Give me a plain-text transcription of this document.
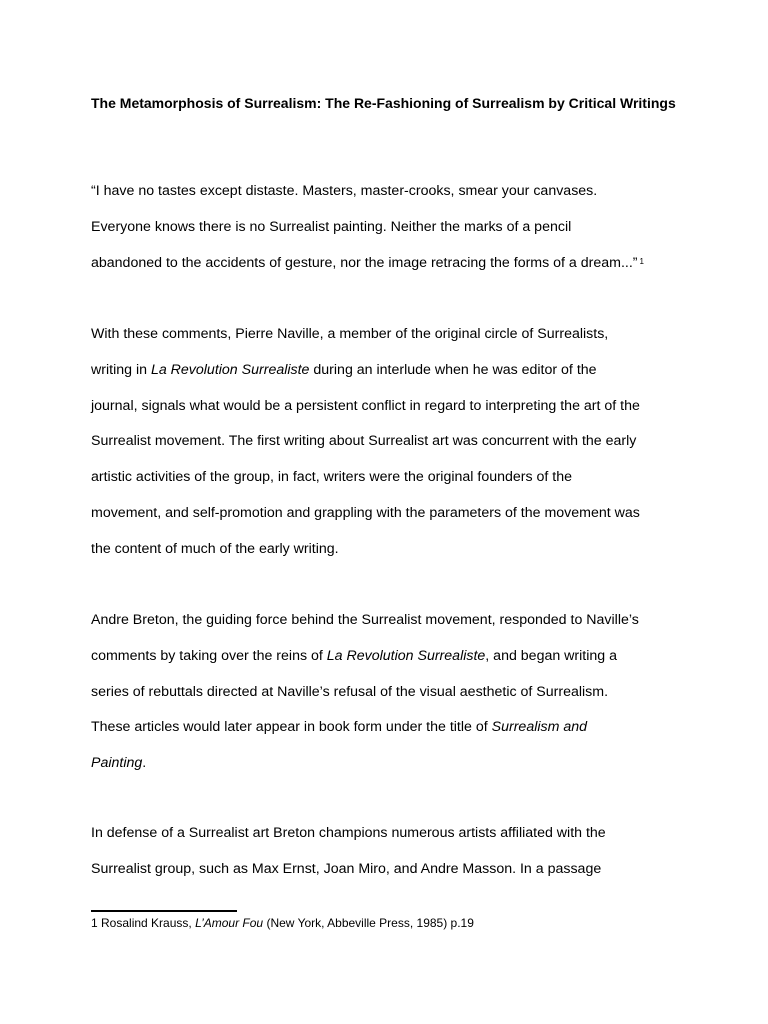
The Metamorphosis of Surrealism: The Re-Fashioning of Surrealism by Critical Writings

“I have no tastes except distaste. Masters, master-crooks, smear your canvases.
Everyone knows there is no Surrealist painting. Neither the marks of a pencil
abandoned to the accidents of gesture, nor the image retracing the forms of a dream...” $^1$

With these comments, Pierre Naville, a member of the original circle of Surrealists,
writing in La Revolution Surrealiste during an interlude when he was editor of the
journal, signals what would be a persistent conflict in regard to interpreting the art of the
Surrealist movement. The first writing about Surrealist art was concurrent with the early
artistic activities of the group, in fact, writers were the original founders of the
movement, and self-promotion and grappling with the parameters of the movement was
the content of much of the early writing.

Andre Breton, the guiding force behind the Surrealist movement, responded to Naville’s
comments by taking over the reins of La Revolution Surrealiste, and began writing a
series of rebuttals directed at Naville’s refusal of the visual aesthetic of Surrealism.
These articles would later appear in book form under the title of Surrealism and
Painting.

In defense of a Surrealist art Breton champions numerous artists affiliated with the
Surrealist group, such as Max Ernst, Joan Miro, and Andre Masson. In a passage

1 Rosalind Krauss, L’Amour Fou (New York, Abbeville Press, 1985) p.19
